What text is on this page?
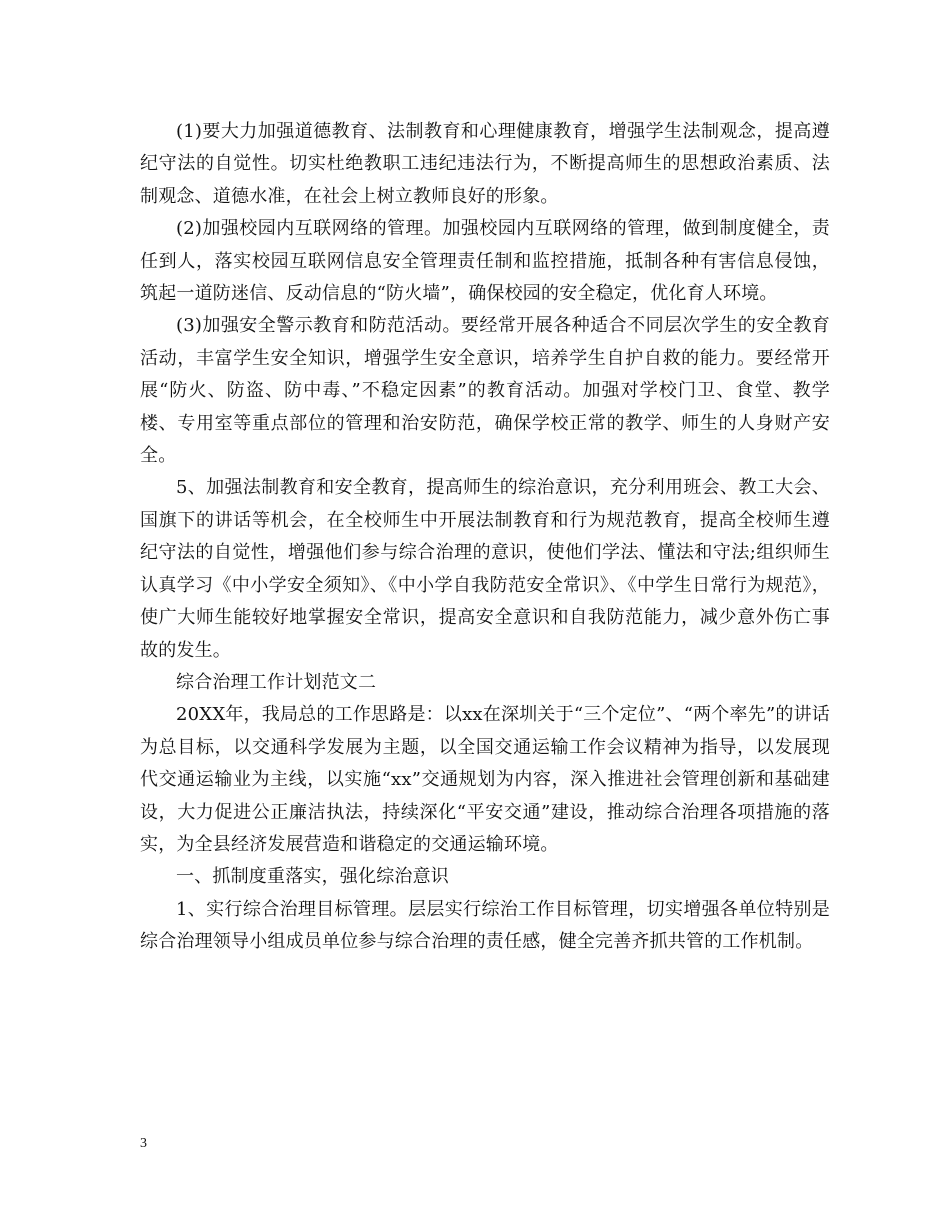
(1)要大力加强道德教育、法制教育和心理健康教育，增强学生法制观念，提高遵纪守法的自觉性。切实杜绝教职工违纪违法行为，不断提高师生的思想政治素质、法制观念、道德水准，在社会上树立教师良好的形象。

(2)加强校园内互联网络的管理。加强校园内互联网络的管理，做到制度健全，责任到人，落实校园互联网信息安全管理责任制和监控措施，抵制各种有害信息侵蚀，筑起一道防迷信、反动信息的“防火墙”，确保校园的安全稳定，优化育人环境。

(3)加强安全警示教育和防范活动。要经常开展各种适合不同层次学生的安全教育活动，丰富学生安全知识，增强学生安全意识，培养学生自护自救的能力。要经常开展“防火、防盗、防中毒、”不稳定因素”的教育活动。加强对学校门卫、食堂、教学楼、专用室等重点部位的管理和治安防范，确保学校正常的教学、师生的人身财产安全。

5、加强法制教育和安全教育，提高师生的综治意识，充分利用班会、教工大会、国旗下的讲话等机会，在全校师生中开展法制教育和行为规范教育，提高全校师生遵纪守法的自觉性，增强他们参与综合治理的意识，使他们学法、懂法和守法;组织师生认真学习《中小学安全须知》、《中小学自我防范安全常识》、《中学生日常行为规范》，使广大师生能较好地掌握安全常识，提高安全意识和自我防范能力，减少意外伤亡事故的发生。

综合治理工作计划范文二

20XX年，我局总的工作思路是：以xx在深圳关于“三个定位”、“两个率先”的讲话为总目标，以交通科学发展为主题，以全国交通运输工作会议精神为指导，以发展现代交通运输业为主线，以实施“xx”交通规划为内容，深入推进社会管理创新和基础建设，大力促进公正廉洁执法，持续深化“平安交通”建设，推动综合治理各项措施的落实，为全县经济发展营造和谐稳定的交通运输环境。

一、抓制度重落实，强化综治意识

1、实行综合治理目标管理。层层实行综治工作目标管理，切实增强各单位特别是综合治理领导小组成员单位参与综合治理的责任感，健全完善齐抓共管的工作机制。

3
